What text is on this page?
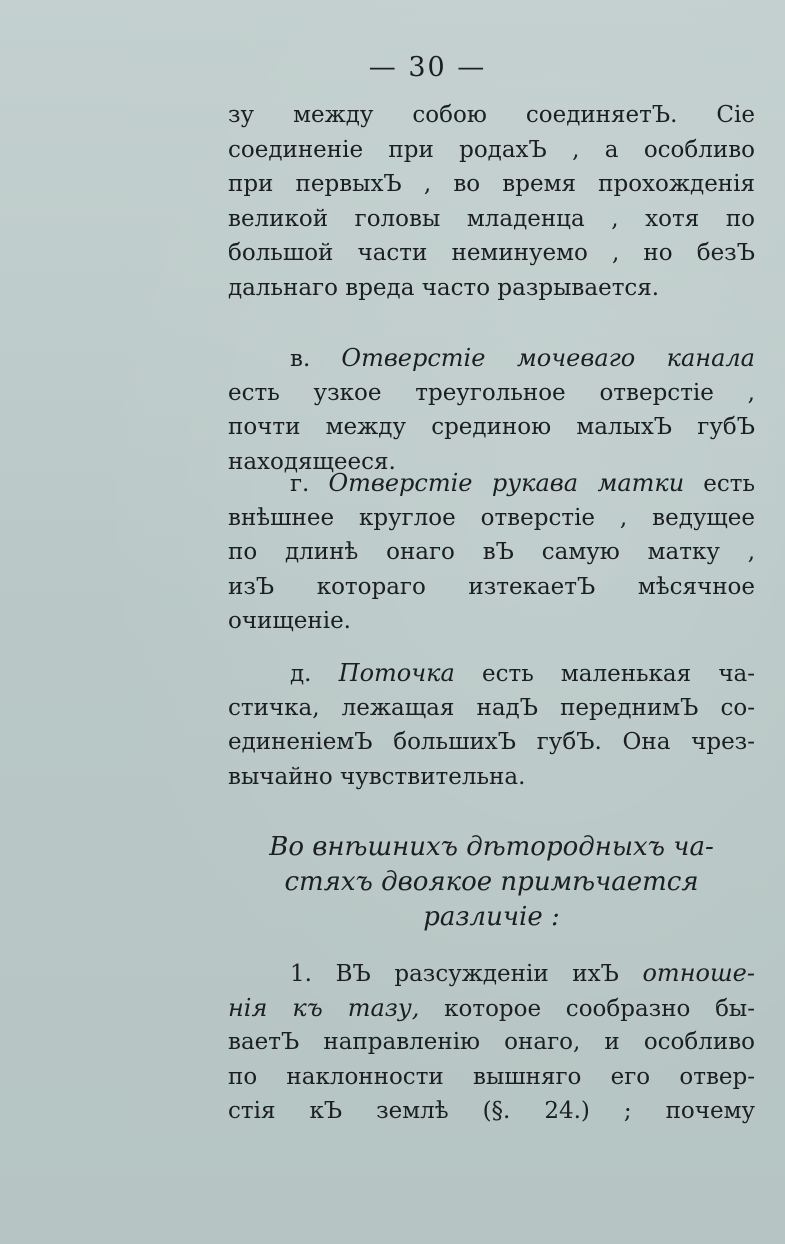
— 30 —
зу между собою соединяетЪ. Сіе
соединеніе при родахЪ , а особливо
при первыхЪ , во время прохожденія
великой головы младенца , хотя по
большой части неминуемо , но безЪ
дальнаго вреда часто разрывается.
в. Отверстіе мочеваго канала
есть узкое треугольное отверстіе ,
почти между срединою малыхЪ губЪ
находящееся.
г. Отверстіе рукава матки есть
внѣшнее круглое отверстіе , ведущее
по длинѣ онаго вЪ самую матку ,
изЪ котораго изтекаетЪ мѣсячное
очищеніе.
д. Поточка есть маленькая ча-
стичка, лежащая надЪ переднимЪ со-
единеніемЪ большихЪ губЪ. Она чрез-
вычайно чувствительна.
Во внѣшнихъ дѣтородныхъ ча-
стяхъ двоякое примѣчается
различіе :
1. ВЪ разсужденіи ихЪ отноше-
нія къ тазу, которое сообразно бы-
ваетЪ направленію онаго, и особливо
по наклонности вышняго его отвер-
стія кЪ землѣ (§. 24.) ; почему
